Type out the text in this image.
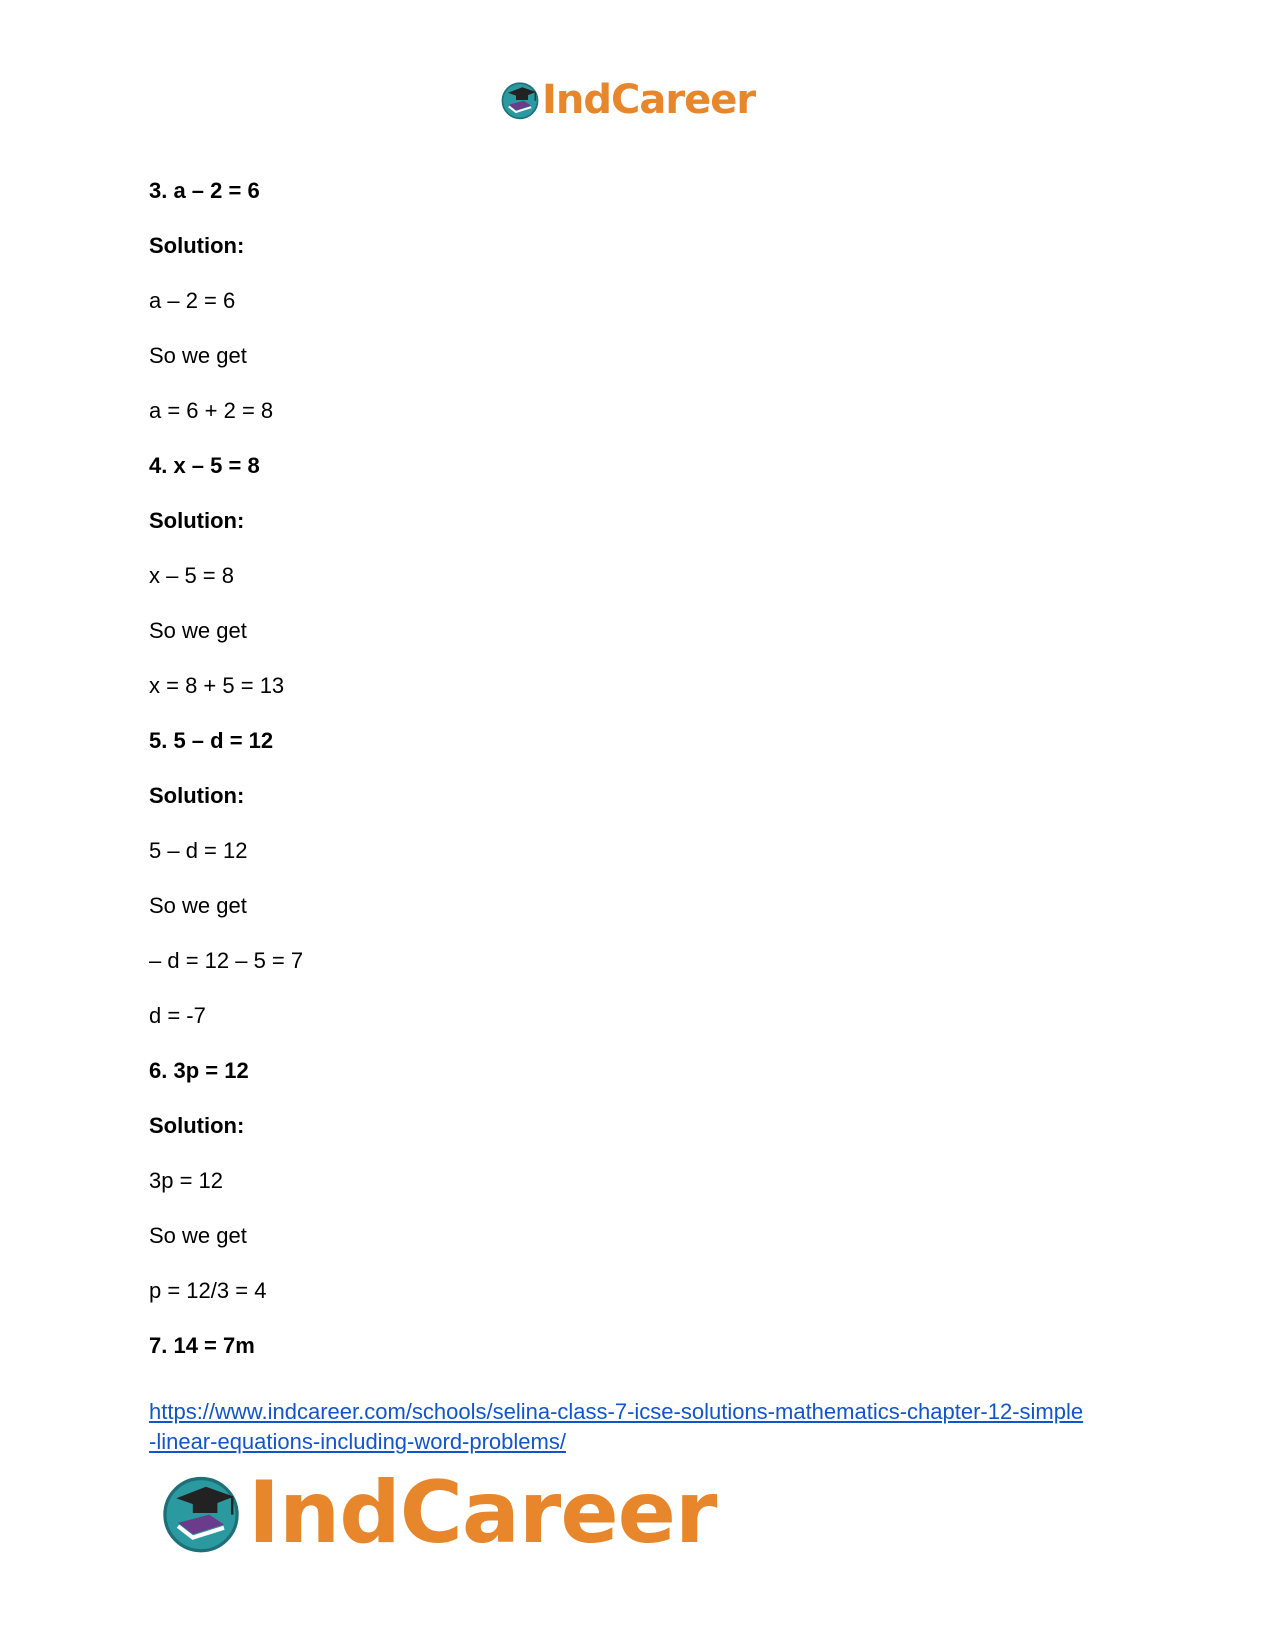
IndCareer
3. a – 2 = 6
Solution:
a – 2 = 6
So we get
a = 6 + 2 = 8
4. x – 5 = 8
Solution:
x – 5 = 8
So we get
x = 8 + 5 = 13
5. 5 – d = 12
Solution:
5 – d = 12
So we get
– d = 12 – 5 = 7
d = -7
6. 3p = 12
Solution:
3p = 12
So we get
p = 12/3 = 4
7. 14 = 7m
https://www.indcareer.com/schools/selina-class-7-icse-solutions-mathematics-chapter-12-simple
-linear-equations-including-word-problems/
IndCareer
